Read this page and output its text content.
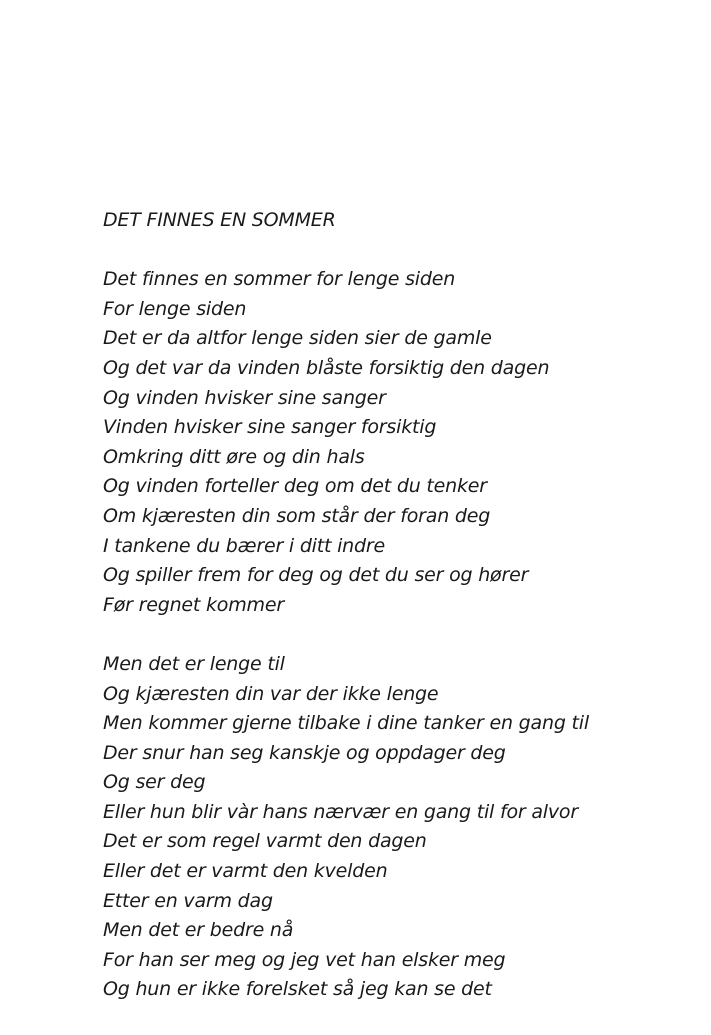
DET FINNES EN SOMMER
Det finnes en sommer for lenge siden
For lenge siden
Det er da altfor lenge siden sier de gamle
Og det var da vinden blåste forsiktig den dagen
Og vinden hvisker sine sanger
Vinden hvisker sine sanger forsiktig
Omkring ditt øre og din hals
Og vinden forteller deg om det du tenker
Om kjæresten din som står der foran deg
I tankene du bærer i ditt indre
Og spiller frem for deg og det du ser og hører
Før regnet kommer
Men det er lenge til
Og kjæresten din var der ikke lenge
Men kommer gjerne tilbake i dine tanker en gang til
Der snur han seg kanskje og oppdager deg
Og ser deg
Eller hun blir vàr hans nærvær en gang til for alvor
Det er som regel varmt den dagen
Eller det er varmt den kvelden
Etter en varm dag
Men det er bedre nå
For han ser meg og jeg vet han elsker meg
Og hun er ikke forelsket så jeg kan se det
